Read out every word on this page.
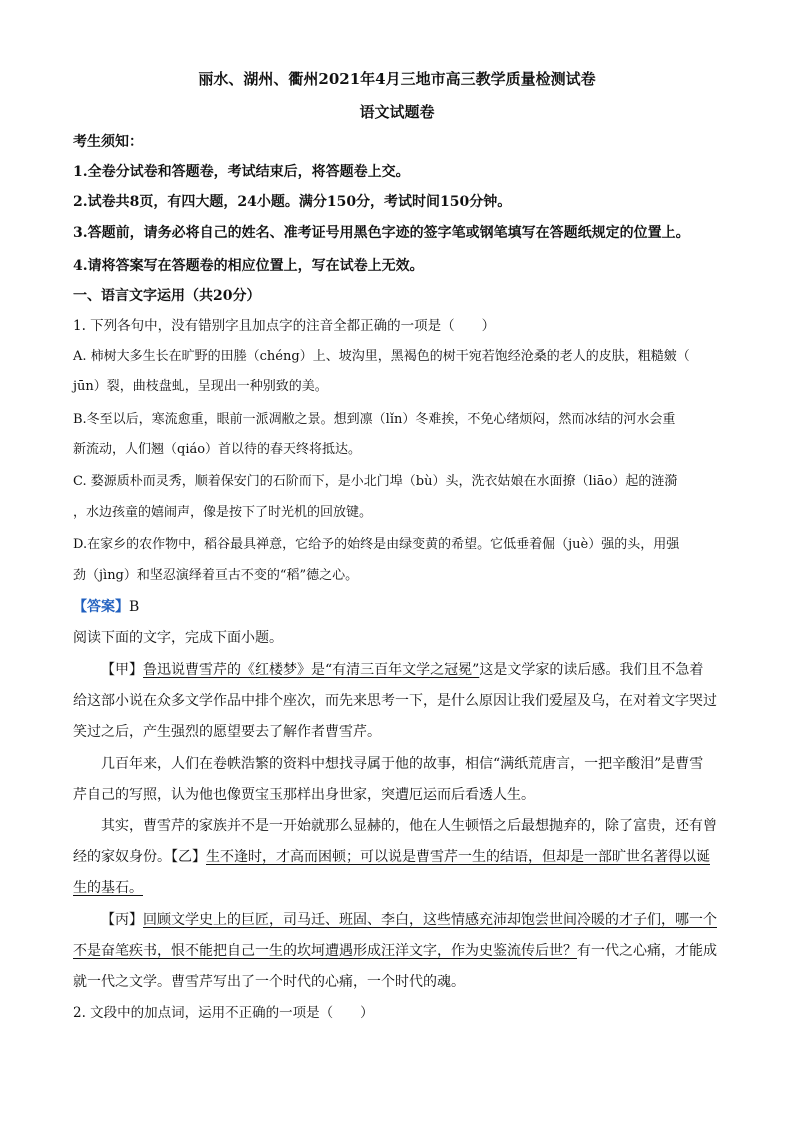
丽水、湖州、衢州2021年4月三地市高三教学质量检测试卷
语文试题卷
考生须知：
1.全卷分试卷和答题卷，考试结束后，将答题卷上交。
2.试卷共8页，有四大题，24小题。满分150分，考试时间150分钟。
3.答题前，请务必将自己的姓名、准考证号用黑色字迹的签字笔或钢笔填写在答题纸规定的位置上。
4.请将答案写在答题卷的相应位置上，写在试卷上无效。
一、语言文字运用（共20分）
1. 下列各句中，没有错别字且加点字的注音全都正确的一项是（　　）
A. 柿树大多生长在旷野的田塍（chéng）上、坡沟里，黑褐色的树干宛若饱经沧桑的老人的皮肤，粗糙皴（
jūn）裂，曲枝盘虬，呈现出一种别致的美。
B.冬至以后，寒流愈重，眼前一派凋敝之景。想到凛（lǐn）冬难挨，不免心绪烦闷，然而冰结的河水会重
新流动，人们翘（qiáo）首以待的春天终将抵达。
C. 婺源质朴而灵秀，顺着保安门的石阶而下，是小北门埠（bù）头，洗衣姑娘在水面撩（liāo）起的涟漪
，水边孩童的嬉闹声，像是按下了时光机的回放键。
D.在家乡的农作物中，稻谷最具禅意，它给予的始终是由绿变黄的希望。它低垂着倔（juè）强的头，用强
劲（jìng）和坚忍演绎着亘古不变的“稻”德之心。
【答案】B
阅读下面的文字，完成下面小题。
【甲】鲁迅说曹雪芹的《红楼梦》是“有清三百年文学之冠冕”这是文学家的读后感。我们且不急着
给这部小说在众多文学作品中排个座次，而先来思考一下，是什么原因让我们爱屋及乌，在对着文字哭过
笑过之后，产生强烈的愿望要去了解作者曹雪芹。
几百年来，人们在卷帙浩繁的资料中想找寻属于他的故事，相信“满纸荒唐言，一把辛酸泪”是曹雪
芹自己的写照，认为他也像贾宝玉那样出身世家，突遭厄运而后看透人生。
其实，曹雪芹的家族并不是一开始就那么显赫的，他在人生顿悟之后最想抛弃的，除了富贵，还有曾
经的家奴身份。【乙】生不逢时，才高而困顿；可以说是曹雪芹一生的结语，但却是一部旷世名著得以诞
生的基石。
【丙】回顾文学史上的巨匠，司马迁、班固、李白，这些情感充沛却饱尝世间冷暖的才子们，哪一个
不是奋笔疾书，恨不能把自己一生的坎坷遭遇形成汪洋文字，作为史鉴流传后世？有一代之心痛，才能成
就一代之文学。曹雪芹写出了一个时代的心痛，一个时代的魂。
2. 文段中的加点词，运用不正确的一项是（　　）
